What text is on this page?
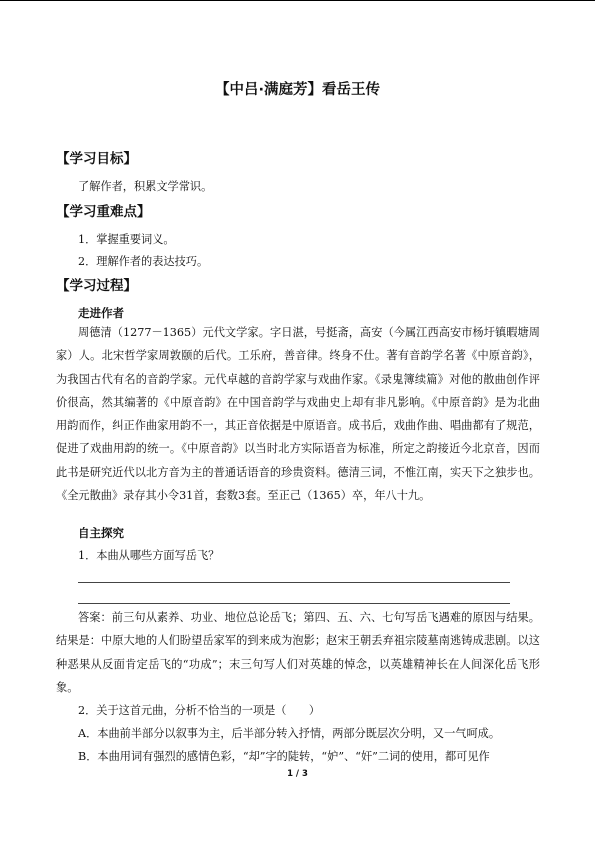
【中吕·满庭芳】看岳王传
【学习目标】
了解作者，积累文学常识。
【学习重难点】
1．掌握重要词义。
2．理解作者的表达技巧。
【学习过程】
走进作者

周德清（1277－1365）元代文学家。字日湛，号挺斋，高安（今属江西高安市杨圩镇暇塘周家）人。北宋哲学家周敦颐的后代。工乐府，善音律。终身不仕。著有音韵学名著《中原音韵》，为我国古代有名的音韵学家。元代卓越的音韵学家与戏曲作家。《录鬼簿续篇》对他的散曲创作评价很高，然其编著的《中原音韵》在中国音韵学与戏曲史上却有非凡影响。《中原音韵》是为北曲用韵而作，纠正作曲家用韵不一，其正音依据是中原语音。成书后，戏曲作曲、唱曲都有了规范，促进了戏曲用韵的统一。《中原音韵》以当时北方实际语音为标准，所定之韵接近今北京音，因而此书是研究近代以北方音为主的普通话语音的珍贵资料。德清三词，不惟江南，实天下之独步也。《全元散曲》录存其小令31首，套数3套。至正己（1365）卒，年八十九。

自主探究
1．本曲从哪些方面写岳飞？

答案：前三句从素养、功业、地位总论岳飞；第四、五、六、七句写岳飞遇难的原因与结果。结果是：中原大地的人们盼望岳家军的到来成为泡影；赵宋王朝丢弃祖宗陵墓南逃铸成悲剧。以这种恶果从反面肯定岳飞的“功成”；末三句写人们对英雄的悼念，以英雄精神长在人间深化岳飞形象。

2．关于这首元曲，分析不恰当的一项是（　　）
A．本曲前半部分以叙事为主，后半部分转入抒情，两部分既层次分明，又一气呵成。
B．本曲用词有强烈的感情色彩，“却”字的陡转，“妒”、“奸”二词的使用，都可见作
1 / 3
